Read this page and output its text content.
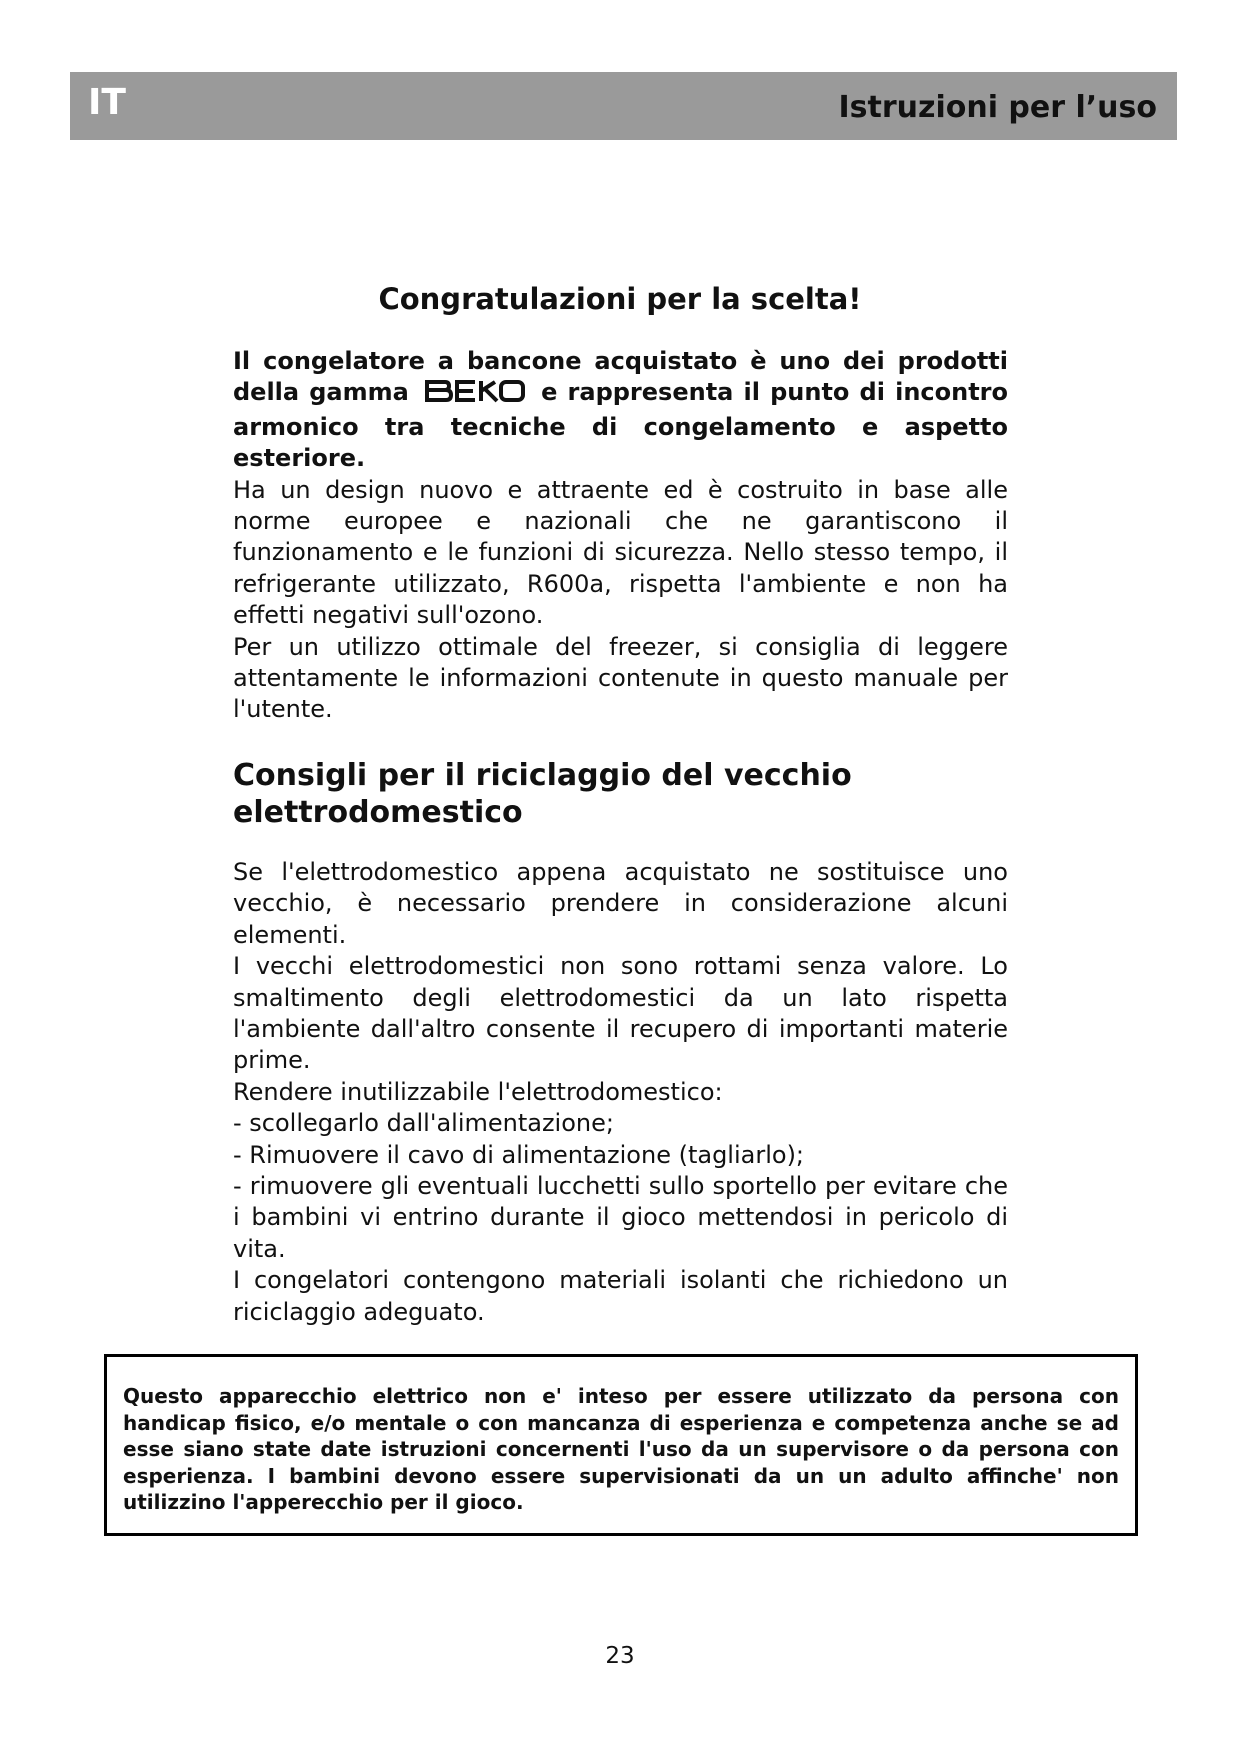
IT	Istruzioni per l’uso
Congratulazioni per la scelta!

Il congelatore a bancone acquistato è uno dei prodotti della gamma	e rappresenta il punto di incontro armonico tra tecniche di congelamento e aspetto esteriore.

Ha un design nuovo e attraente ed è costruito in base alle norme europee e nazionali che ne garantiscono il funzionamento e le funzioni di sicurezza. Nello stesso tempo, il refrigerante utilizzato, R600a, rispetta l'ambiente e non ha effetti negativi sull'ozono.

Per un utilizzo ottimale del freezer, si consiglia di leggere attentamente le informazioni contenute in questo manuale per l'utente.

Consigli per il riciclaggio del vecchio elettrodomestico

Se l'elettrodomestico appena acquistato ne sostituisce uno vecchio, è necessario prendere in considerazione alcuni elementi.

I vecchi elettrodomestici non sono rottami senza valore. Lo smaltimento degli elettrodomestici da un lato rispetta l'ambiente dall'altro consente il recupero di importanti materie prime.

Rendere inutilizzabile l'elettrodomestico:

- scollegarlo dall'alimentazione;

- Rimuovere il cavo di alimentazione (tagliarlo);

- rimuovere gli eventuali lucchetti sullo sportello per evitare che i bambini vi entrino durante il gioco mettendosi in pericolo di vita.

I congelatori contengono materiali isolanti che richiedono un riciclaggio adeguato.

Questo apparecchio elettrico non e' inteso per essere utilizzato da persona con handicap fisico, e/o mentale o con mancanza di esperienza e competenza anche se ad esse siano state date istruzioni concernenti l'uso da un supervisore o da persona con esperienza. I bambini devono essere supervisionati da un un adulto affinche' non utilizzino l'apperecchio per il gioco.

23
